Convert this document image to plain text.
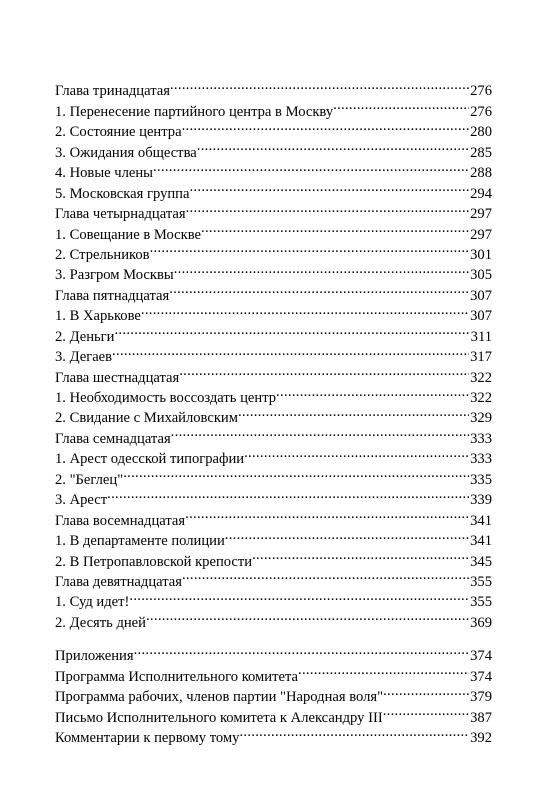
Глава тринадцатая .....	276
1. Перенесение партийного центра в Москву .....	276
2. Состояние центра .....	280
3. Ожидания общества .....	285
4. Новые члены .....	288
5. Московская группа .....	294
Глава четырнадцатая .....	297
1. Совещание в Москве .....	297
2. Стрельников .....	301
3. Разгром Москвы .....	305
Глава пятнадцатая .....	307
1. В Харькове .....	307
2. Деньги .....	311
3. Дегаев .....	317
Глава шестнадцатая .....	322
1. Необходимость воссоздать центр .....	322
2. Свидание с Михайловским .....	329
Глава семнадцатая .....	333
1. Арест одесской типографии .....	333
2. "Беглец" .....	335
3. Арест .....	339
Глава восемнадцатая .....	341
1. В департаменте полиции .....	341
2. В Петропавловской крепости .....	345
Глава девятнадцатая .....	355
1. Суд идет! .....	355
2. Десять дней .....	369
Приложения .....	374
Программа Исполнительного комитета .....	374
Программа рабочих, членов партии "Народная воля" .....	379
Письмо Исполнительного комитета к Александру III .....	387
Комментарии к первому тому .....	392
